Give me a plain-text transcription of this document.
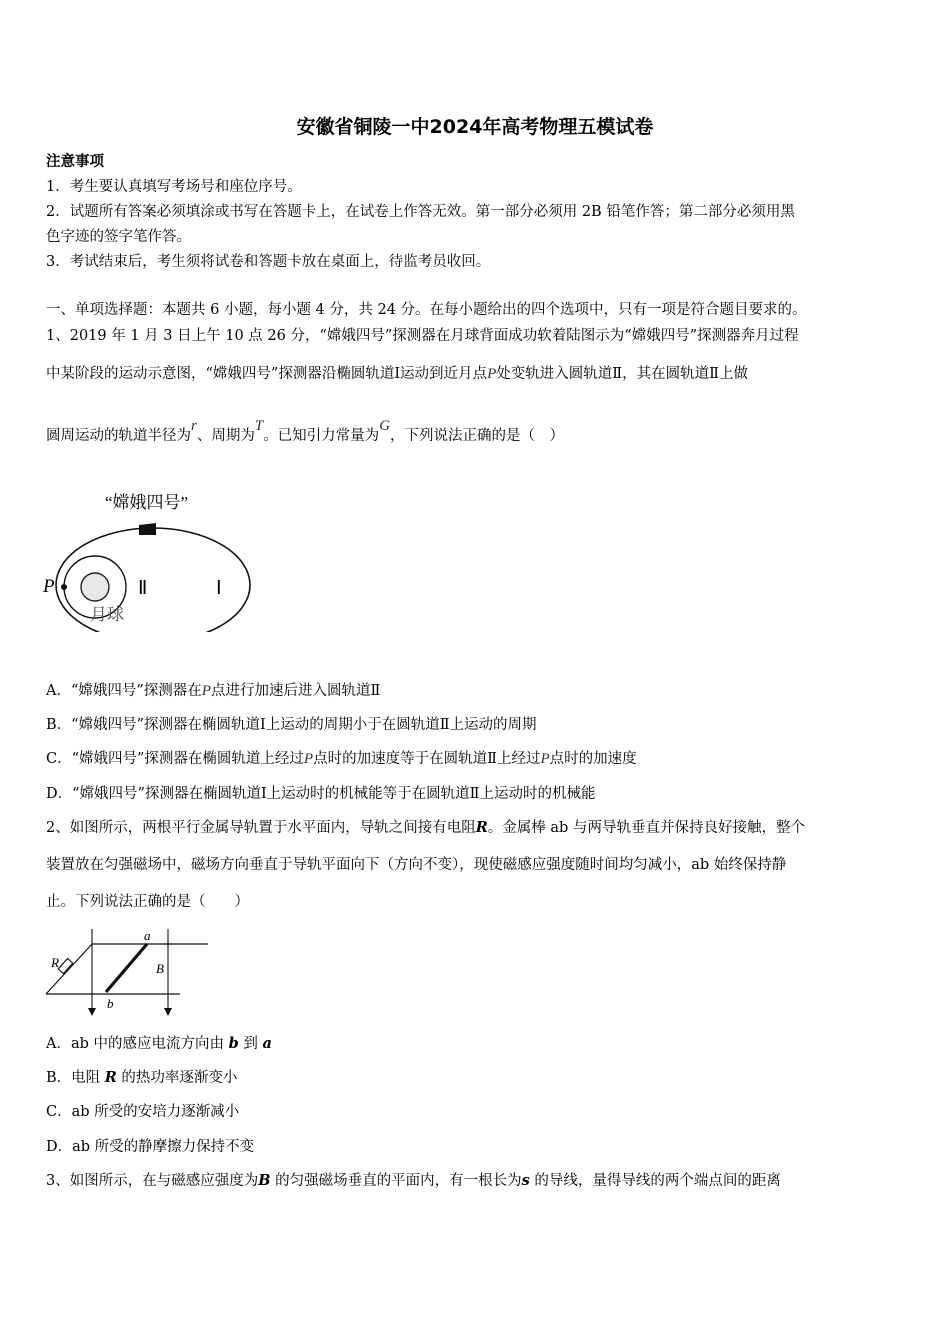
安徽省铜陵一中2024年高考物理五模试卷
注意事项
1．考生要认真填写考场号和座位序号。
2．试题所有答案必须填涂或书写在答题卡上，在试卷上作答无效。第一部分必须用 2B 铅笔作答；第二部分必须用黑
色字迹的签字笔作答。
3．考试结束后，考生须将试卷和答题卡放在桌面上，待监考员收回。
一、单项选择题：本题共 6 小题，每小题 4 分，共 24 分。在每小题给出的四个选项中，只有一项是符合题目要求的。
1、2019 年 1 月 3 日上午 10 点 26 分，“嫦娥四号”探测器在月球背面成功软着陆图示为“嫦娥四号”探测器奔月过程
中某阶段的运动示意图，“嫦娥四号”探测器沿椭圆轨道Ⅰ运动到近月点P处变轨进入圆轨道Ⅱ，其在圆轨道Ⅱ上做
圆周运动的轨道半径为r、周期为T。已知引力常量为G，下列说法正确的是（　）
“嫦娥四号”
P	Ⅱ	Ⅰ
月球
A．“嫦娥四号”探测器在P点进行加速后进入圆轨道Ⅱ
B．“嫦娥四号”探测器在椭圆轨道Ⅰ上运动的周期小于在圆轨道Ⅱ上运动的周期
C．“嫦娥四号”探测器在椭圆轨道上经过P点时的加速度等于在圆轨道Ⅱ上经过P点时的加速度
D．“嫦娥四号”探测器在椭圆轨道Ⅰ上运动时的机械能等于在圆轨道Ⅱ上运动时的机械能
2、如图所示，两根平行金属导轨置于水平面内，导轨之间接有电阻R。金属棒 ab 与两导轨垂直并保持良好接触，整个
装置放在匀强磁场中，磁场方向垂直于导轨平面向下（方向不变），现使磁感应强度随时间均匀减小，ab 始终保持静
止。下列说法正确的是（　　）
a
b
R	B
A．ab 中的感应电流方向由 b 到 a
B．电阻 R 的热功率逐渐变小
C．ab 所受的安培力逐渐减小
D．ab 所受的静摩擦力保持不变
3、如图所示，在与磁感应强度为B 的匀强磁场垂直的平面内，有一根长为s 的导线，量得导线的两个端点间的距离
